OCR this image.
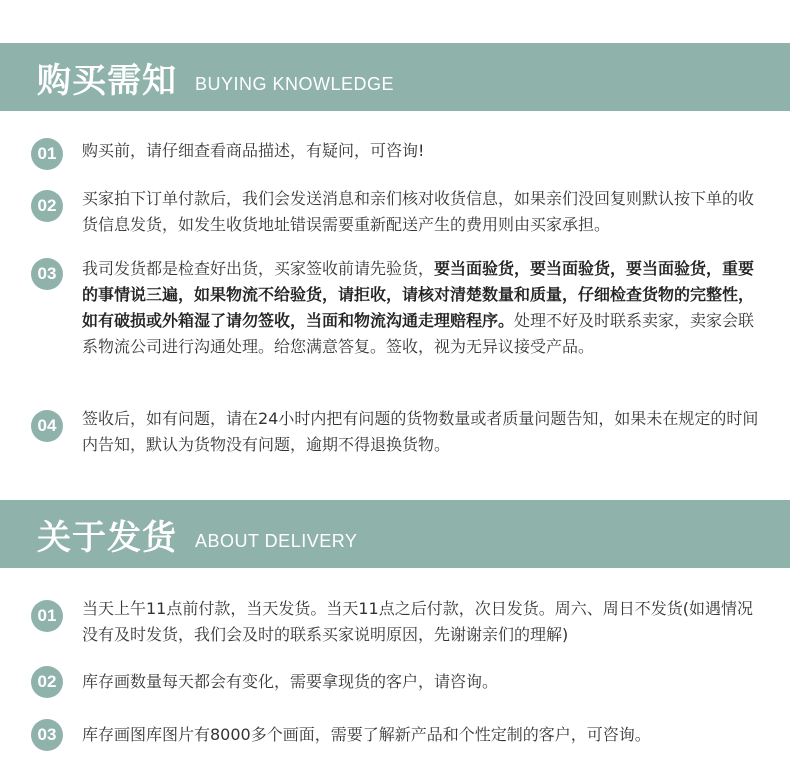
购买需知 BUYING KNOWLEDGE
01	购买前，请仔细查看商品描述，有疑问，可咨询!
02	买家拍下订单付款后，我们会发送消息和亲们核对收货信息，如果亲们没回复则默认按下单的收货信息发货，如发生收货地址错误需要重新配送产生的费用则由买家承担。
03	我司发货都是检查好出货，买家签收前请先验货，要当面验货，要当面验货，要当面验货，重要的事情说三遍，如果物流不给验货，请拒收，请核对清楚数量和质量，仔细检查货物的完整性，如有破损或外箱湿了请勿签收，当面和物流沟通走理赔程序。处理不好及时联系卖家，卖家会联系物流公司进行沟通处理。给您满意答复。签收，视为无异议接受产品。
04	签收后，如有问题，请在24小时内把有问题的货物数量或者质量问题告知，如果未在规定的时间内告知，默认为货物没有问题，逾期不得退换货物。
关于发货 ABOUT DELIVERY
01	当天上午11点前付款，当天发货。当天11点之后付款，次日发货。周六、周日不发货(如遇情况没有及时发货，我们会及时的联系买家说明原因，先谢谢亲们的理解)
02	库存画数量每天都会有变化，需要拿现货的客户，请咨询。
03	库存画图库图片有8000多个画面，需要了解新产品和个性定制的客户，可咨询。
